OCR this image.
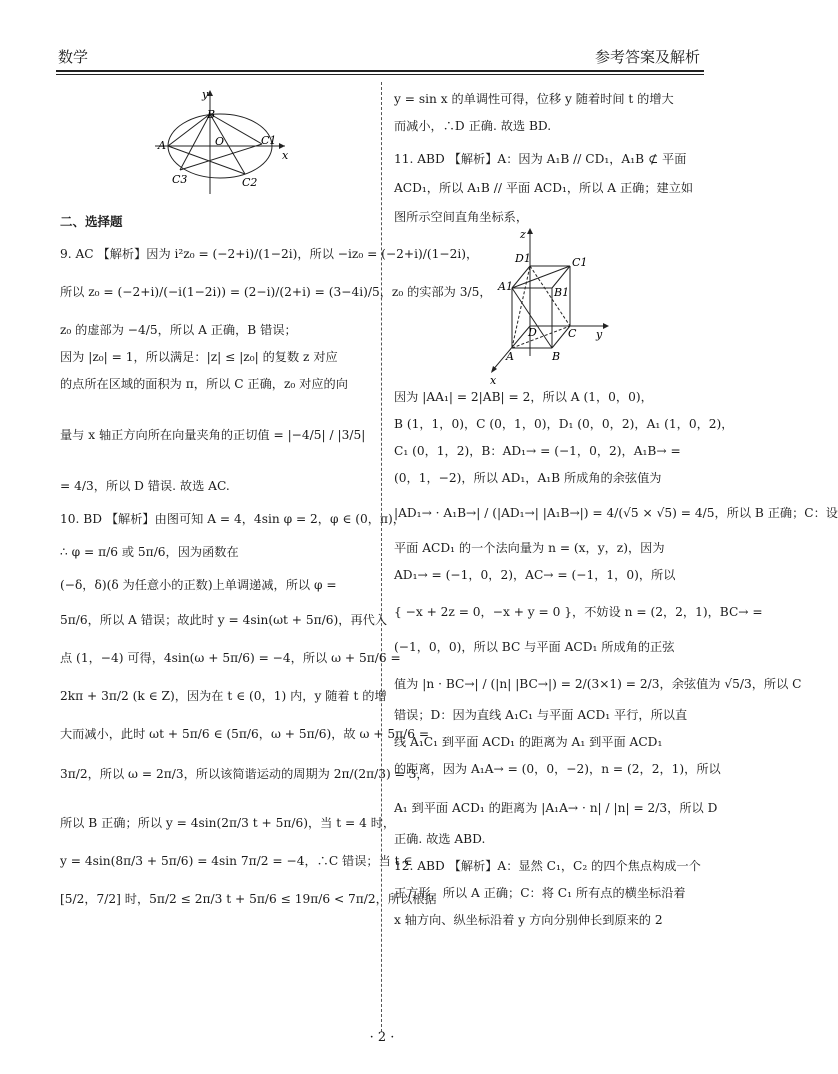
数学	参考答案及解析
y
B
A	O	C1
x
C3	C2
z
D1	C1
A1	B1
D	C y
A	B
x

二、选择题

9. AC 【解析】因为 i²z₀ = (−2+i)/(1−2i)，所以 −iz₀ = (−2+i)/(1−2i)，

所以 z₀ = (−2+i)/(−i(1−2i)) = (2−i)/(2+i) = (3−4i)/5，z₀ 的实部为 3/5，

z₀ 的虚部为 −4/5，所以 A 正确，B 错误；

因为 |z₀| = 1，所以满足：|z| ≤ |z₀| 的复数 z 对应

的点所在区域的面积为 π，所以 C 正确，z₀ 对应的向

量与 x 轴正方向所在向量夹角的正切值 = |−4/5| / |3/5|

= 4/3，所以 D 错误. 故选 AC.

10. BD 【解析】由图可知 A = 4，4sin φ = 2，φ ∈ (0，π)，

∴ φ = π/6 或 5π/6，因为函数在

(−δ，δ)(δ 为任意小的正数)上单调递减，所以 φ =

5π/6，所以 A 错误；故此时 y = 4sin(ωt + 5π/6)，再代入

点 (1，−4) 可得，4sin(ω + 5π/6) = −4，所以 ω + 5π/6 =

2kπ + 3π/2 (k ∈ Z)，因为在 t ∈ (0，1) 内，y 随着 t 的增

大而减小，此时 ωt + 5π/6 ∈ (5π/6，ω + 5π/6)，故 ω + 5π/6 =

3π/2，所以 ω = 2π/3，所以该简谐运动的周期为 2π/(2π/3) = 3，

所以 B 正确；所以 y = 4sin(2π/3 t + 5π/6)，当 t = 4 时，

y = 4sin(8π/3 + 5π/6) = 4sin 7π/2 = −4，∴C 错误；当 t ∈

[5/2，7/2] 时，5π/2 ≤ 2π/3 t + 5π/6 ≤ 19π/6 < 7π/2，所以根据

y = sin x 的单调性可得，位移 y 随着时间 t 的增大

而减小，∴D 正确. 故选 BD.

11. ABD 【解析】A：因为 A₁B // CD₁，A₁B ⊄ 平面

ACD₁，所以 A₁B // 平面 ACD₁，所以 A 正确；建立如

图所示空间直角坐标系，

因为 |AA₁| = 2|AB| = 2，所以 A (1，0，0)，

B (1，1，0)，C (0，1，0)，D₁ (0，0，2)，A₁ (1，0，2)，

C₁ (0，1，2)，B：AD₁→ = (−1，0，2)，A₁B→ =

(0，1，−2)，所以 AD₁，A₁B 所成角的余弦值为

|AD₁→ · A₁B→| / (|AD₁→| |A₁B→|) = 4/(√5 × √5) = 4/5，所以 B 正确；C：设

平面 ACD₁ 的一个法向量为 n = (x，y，z)，因为

AD₁→ = (−1，0，2)，AC→ = (−1，1，0)，所以

{ −x + 2z = 0，−x + y = 0 }，不妨设 n = (2，2，1)，BC→ =

(−1，0，0)，所以 BC 与平面 ACD₁ 所成角的正弦

值为 |n · BC→| / (|n| |BC→|) = 2/(3×1) = 2/3，余弦值为 √5/3，所以 C

错误；D：因为直线 A₁C₁ 与平面 ACD₁ 平行，所以直

线 A₁C₁ 到平面 ACD₁ 的距离为 A₁ 到平面 ACD₁

的距离，因为 A₁A→ = (0，0，−2)，n = (2，2，1)，所以

A₁ 到平面 ACD₁ 的距离为 |A₁A→ · n| / |n| = 2/3，所以 D

正确. 故选 ABD.

12. ABD 【解析】A：显然 C₁，C₂ 的四个焦点构成一个

正方形，所以 A 正确；C：将 C₁ 所有点的横坐标沿着

x 轴方向、纵坐标沿着 y 方向分别伸长到原来的 2

· 2 ·
